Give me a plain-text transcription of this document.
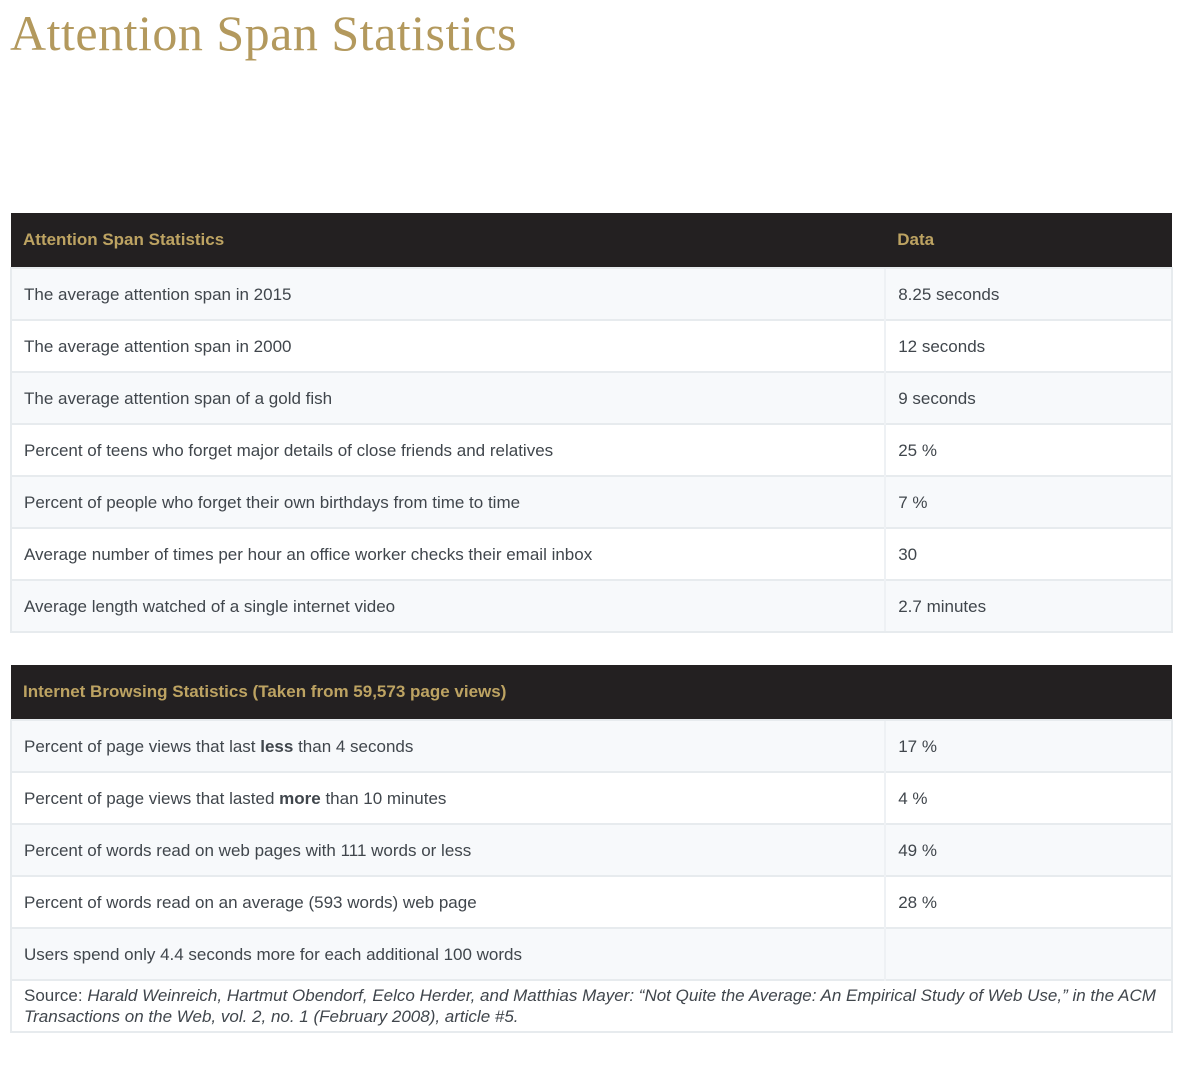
Attention Span Statistics
Attention Span Statistics	Data
The average attention span in 2015	8.25 seconds
The average attention span in 2000	12 seconds
The average attention span of a gold fish	9 seconds
Percent of teens who forget major details of close friends and relatives	25 %
Percent of people who forget their own birthdays from time to time	7 %
Average number of times per hour an office worker checks their email inbox	30
Average length watched of a single internet video	2.7 minutes
Internet Browsing Statistics (Taken from 59,573 page views)	
Percent of page views that last less than 4 seconds	17 %
Percent of page views that lasted more than 10 minutes	4 %
Percent of words read on web pages with 111 words or less	49 %
Percent of words read on an average (593 words) web page	28 %
Users spend only 4.4 seconds more for each additional 100 words	
Source: Harald Weinreich, Hartmut Obendorf, Eelco Herder, and Matthias Mayer: “Not Quite the Average: An Empirical Study of Web Use,” in the ACM Transactions on the Web, vol. 2, no. 1 (February 2008), article #5.	
